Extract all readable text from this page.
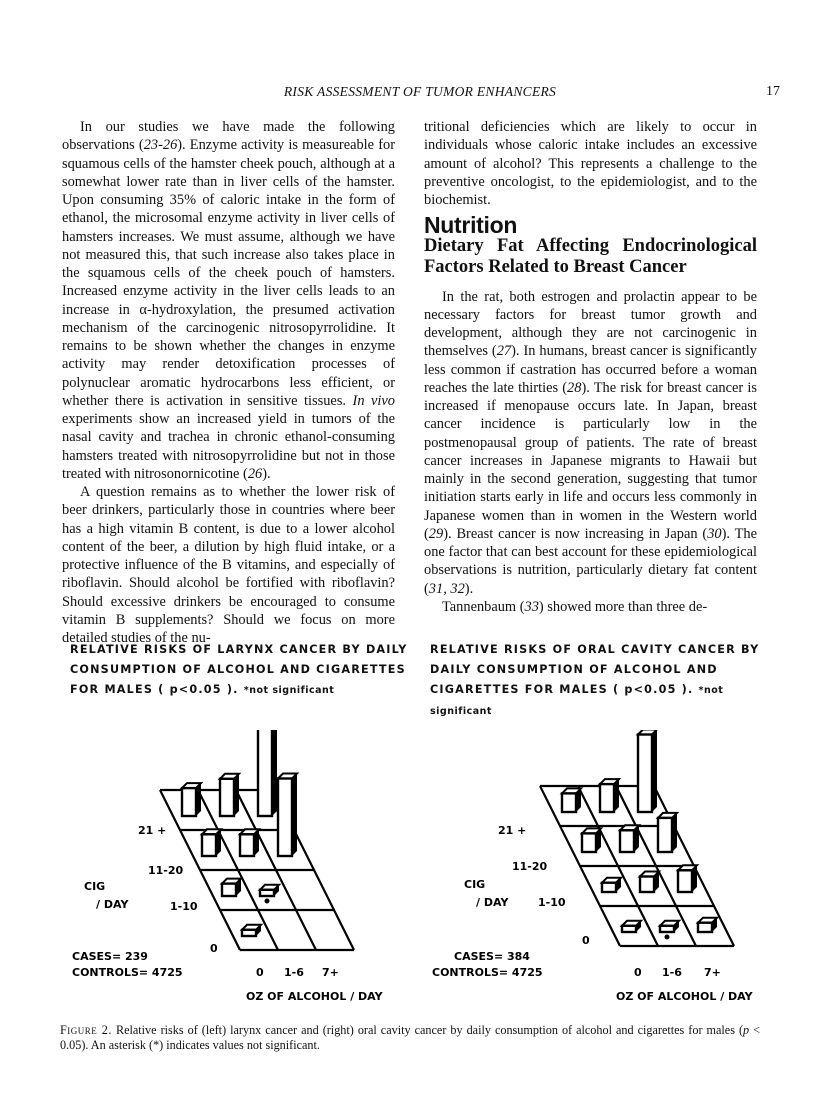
RISK ASSESSMENT OF TUMOR ENHANCERS	17

In our studies we have made the following observations (23-26). Enzyme activity is measureable for squamous cells of the hamster cheek pouch, although at a somewhat lower rate than in liver cells of the hamster. Upon consuming 35% of caloric intake in the form of ethanol, the microsomal enzyme activity in liver cells of hamsters increases. We must assume, although we have not measured this, that such increase also takes place in the squamous cells of the cheek pouch of hamsters. Increased enzyme activity in the liver cells leads to an increase in α-hydroxylation, the presumed activation mechanism of the carcinogenic nitrosopyrrolidine. It remains to be shown whether the changes in enzyme activity may render detoxification processes of polynuclear aromatic hydrocarbons less efficient, or whether there is activation in sensitive tissues. In vivo experiments show an increased yield in tumors of the nasal cavity and trachea in chronic ethanol-consuming hamsters treated with nitrosopyrrolidine but not in those treated with nitrosonornicotine (26).

A question remains as to whether the lower risk of beer drinkers, particularly those in countries where beer has a high vitamin B content, is due to a lower alcohol content of the beer, a dilution by high fluid intake, or a protective influence of the B vitamins, and especially of riboflavin. Should alcohol be fortified with riboflavin? Should excessive drinkers be encouraged to consume vitamin B supplements? Should we focus on more detailed studies of the nu-

tritional deficiencies which are likely to occur in individuals whose caloric intake includes an excessive amount of alcohol? This represents a challenge to the preventive oncologist, to the epidemiologist, and to the biochemist.

Nutrition
Dietary Fat Affecting Endocrinological Factors Related to Breast Cancer

In the rat, both estrogen and prolactin appear to be necessary factors for breast tumor growth and development, although they are not carcinogenic in themselves (27). In humans, breast cancer is significantly less common if castration has occurred before a woman reaches the late thirties (28). The risk for breast cancer is increased if menopause occurs late. In Japan, breast cancer incidence is particularly low in the postmenopausal group of patients. The rate of breast cancer increases in Japanese migrants to Hawaii but mainly in the second generation, suggesting that tumor initiation starts early in life and occurs less commonly in Japanese women than in women in the Western world (29). Breast cancer is now increasing in Japan (30). The one factor that can best account for these epidemiological observations is nutrition, particularly dietary fat content (31, 32).

Tannenbaum (33) showed more than three de-

RELATIVE RISKS OF LARYNX CANCER BY DAILY CONSUMPTION OF ALCOHOL AND CIGARETTES FOR MALES ( p<0.05 ). *not significant
21 +
11-20
1-10
0
CIG
/ DAY
0 1-6 7+
CASES= 239
CONTROLS= 4725
OZ OF ALCOHOL / DAY
RELATIVE RISKS OF ORAL CAVITY CANCER BY DAILY CONSUMPTION OF ALCOHOL AND CIGARETTES FOR MALES ( p<0.05 ). *not significant
21 +
11-20
1-10
0
CIG
/ DAY
0 1-6 7+
CASES= 384
CONTROLS= 4725
OZ OF ALCOHOL / DAY
Figure 2. Relative risks of (left) larynx cancer and (right) oral cavity cancer by daily consumption of alcohol and cigarettes for males (p < 0.05). An asterisk (*) indicates values not significant.
